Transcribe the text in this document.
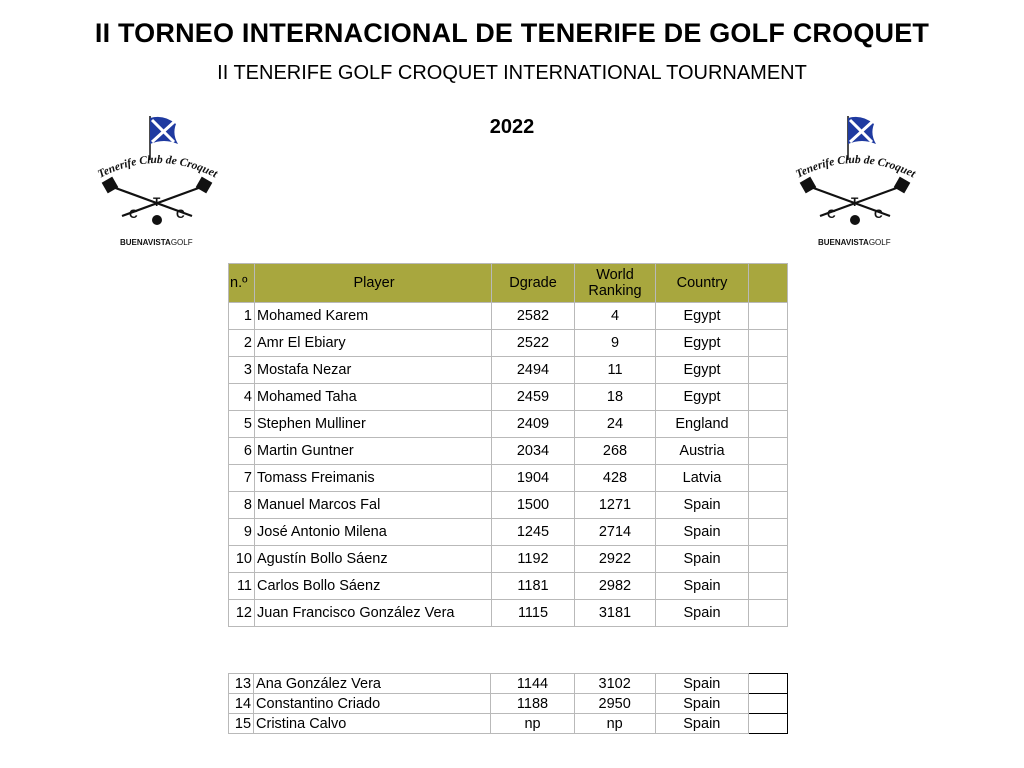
II TORNEO INTERNACIONAL DE TENERIFE DE GOLF CROQUET
II TENERIFE GOLF CROQUET INTERNATIONAL TOURNAMENT
2022
Tenerife Club de Croquet
C
T
C
BUENAVISTAGOLF
Tenerife Club de Croquet
C
T
C
BUENAVISTAGOLF
n.º	Player	Dgrade	World Ranking	Country	
1	Mohamed Karem	2582	4	Egypt	
2	Amr El Ebiary	2522	9	Egypt	
3	Mostafa Nezar	2494	11	Egypt	
4	Mohamed Taha	2459	18	Egypt	
5	Stephen Mulliner	2409	24	England	
6	Martin Guntner	2034	268	Austria	
7	Tomass Freimanis	1904	428	Latvia	
8	Manuel Marcos Fal	1500	1271	Spain	
9	José Antonio Milena	1245	2714	Spain	
10	Agustín Bollo Sáenz	1192	2922	Spain	
11	Carlos Bollo Sáenz	1181	2982	Spain	
12	Juan Francisco González Vera	1115	3181	Spain	
13	Ana González Vera	1144	3102	Spain	
14	Constantino Criado	1188	2950	Spain	
15	Cristina Calvo	np	np	Spain	
